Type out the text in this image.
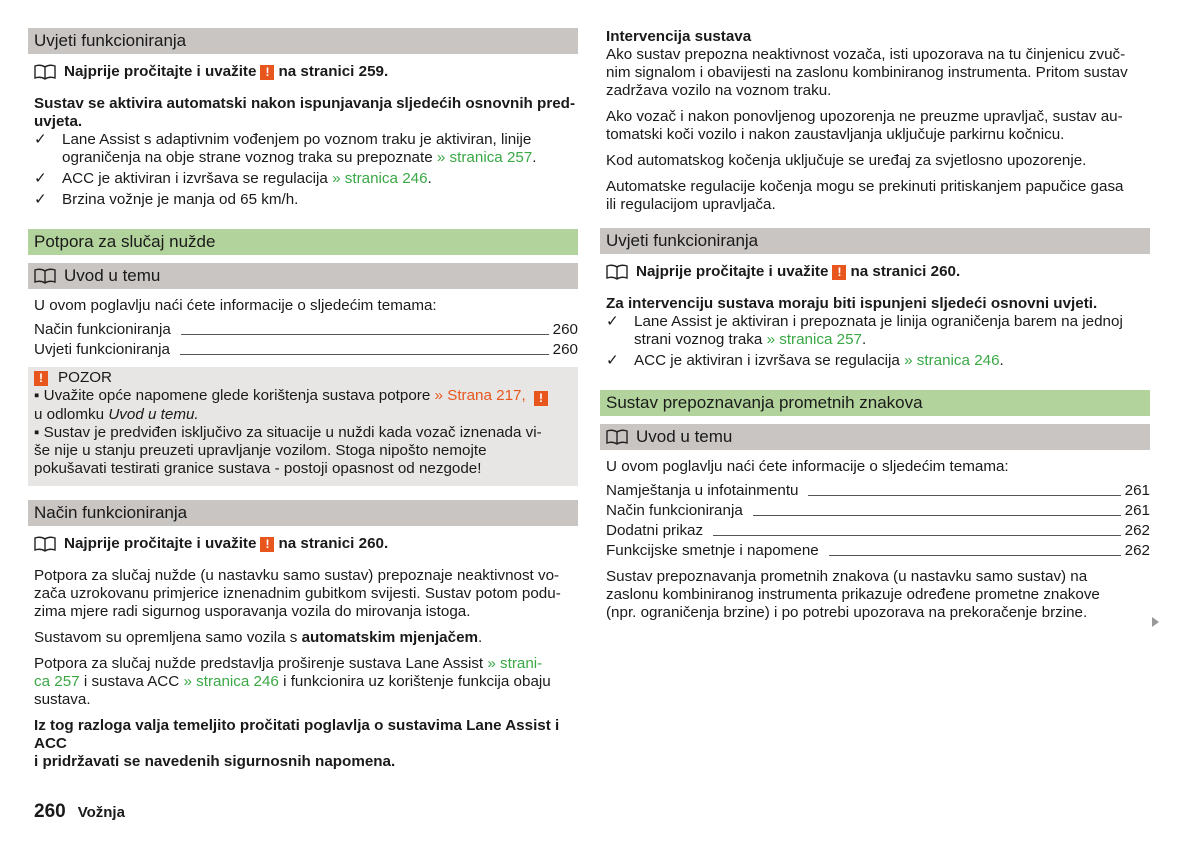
Uvjeti funkcioniranja
Najprije pročitajte i uvažite ! na stranici 259.

Sustav se aktivira automatski nakon ispunjavanja sljedećih osnovnih pred-
uvjeta.

✓	Lane Assist s adaptivnim vođenjem po voznom traku je aktiviran, linije
ograničenja na obje strane voznog traka su prepoznate » stranica 257.
✓	ACC je aktiviran i izvršava se regulacija » stranica 246.
✓	Brzina vožnje je manja od 65 km/h.
Potpora za slučaj nužde
Uvod u temu

U ovom poglavlju naći ćete informacije o sljedećim temama:

Način funkcioniranja	260
Uvjeti funkcioniranja	260
! POZOR

▪ Uvažite opće napomene glede korištenja sustava potpore » Strana 217, !
u odlomku Uvod u temu.

▪ Sustav je predviđen isključivo za situacije u nuždi kada vozač iznenada vi-
še nije u stanju preuzeti upravljanje vozilom. Stoga nipošto nemojte
pokušavati testirati granice sustava - postoji opasnost od nezgode!

Način funkcioniranja
Najprije pročitajte i uvažite ! na stranici 260.

Potpora za slučaj nužde (u nastavku samo sustav) prepoznaje neaktivnost vo-
zača uzrokovanu primjerice iznenadnim gubitkom svijesti. Sustav potom podu-
zima mjere radi sigurnog usporavanja vozila do mirovanja istoga.

Sustavom su opremljena samo vozila s automatskim mjenjačem.

Potpora za slučaj nužde predstavlja proširenje sustava Lane Assist » strani-
ca 257 i sustava ACC » stranica 246 i funkcionira uz korištenje funkcija obaju
sustava.

Iz tog razloga valja temeljito pročitati poglavlja o sustavima Lane Assist i ACC
i pridržavati se navedenih sigurnosnih napomena.

Intervencija sustava

Ako sustav prepozna neaktivnost vozača, isti upozorava na tu činjenicu zvuč-
nim signalom i obavijesti na zaslonu kombiniranog instrumenta. Pritom sustav
zadržava vozilo na voznom traku.

Ako vozač i nakon ponovljenog upozorenja ne preuzme upravljač, sustav au-
tomatski koči vozilo i nakon zaustavljanja uključuje parkirnu kočnicu.

Kod automatskog kočenja uključuje se uređaj za svjetlosno upozorenje.

Automatske regulacije kočenja mogu se prekinuti pritiskanjem papučice gasa
ili regulacijom upravljača.

Uvjeti funkcioniranja
Najprije pročitajte i uvažite ! na stranici 260.

Za intervenciju sustava moraju biti ispunjeni sljedeći osnovni uvjeti.

✓	Lane Assist je aktiviran i prepoznata je linija ograničenja barem na jednoj
strani voznog traka » stranica 257.
✓	ACC je aktiviran i izvršava se regulacija » stranica 246.
Sustav prepoznavanja prometnih znakova
Uvod u temu

U ovom poglavlju naći ćete informacije o sljedećim temama:

Namještanja u infotainmentu	261
Način funkcioniranja	261
Dodatni prikaz	262
Funkcijske smetnje i napomene	262

Sustav prepoznavanja prometnih znakova (u nastavku samo sustav) na
zaslonu kombiniranog instrumenta prikazuje određene prometne znakove
(npr. ograničenja brzine) i po potrebi upozorava na prekoračenje brzine.

260 Vožnja
